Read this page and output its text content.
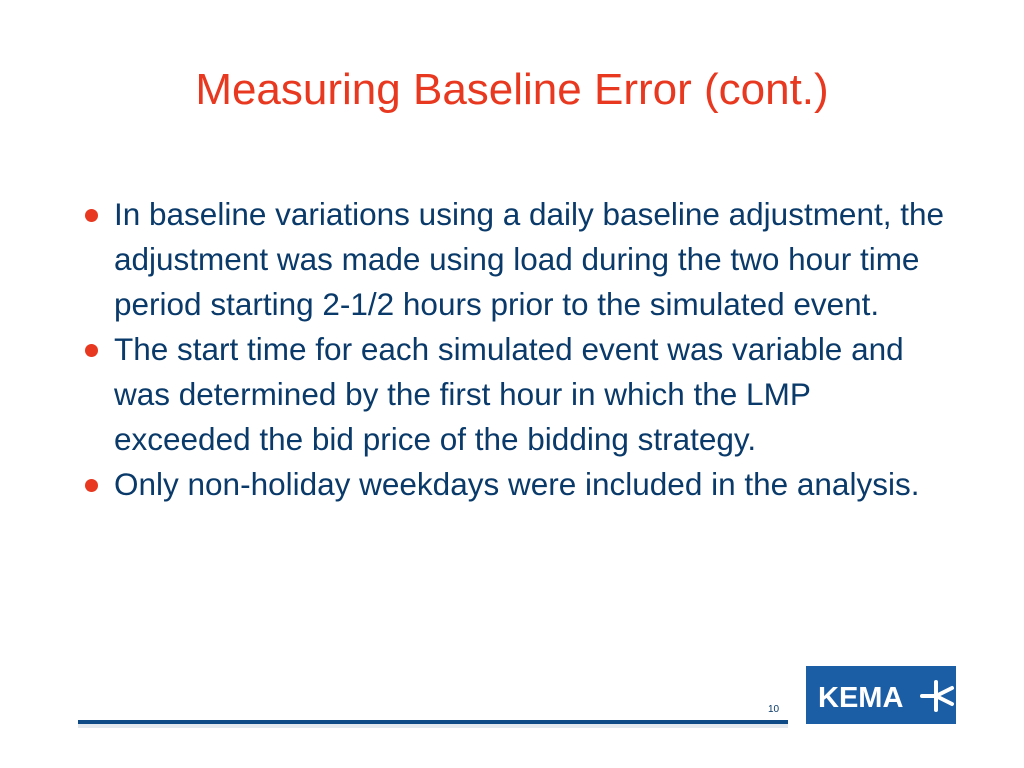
Measuring Baseline Error (cont.)
In baseline variations using a daily baseline adjustment, the adjustment was made using load during the two hour time period starting 2-1/2 hours prior to the simulated event.
The start time for each simulated event was variable and was determined by the first hour in which the LMP exceeded the bid price of the bidding strategy.
Only non-holiday weekdays were included in the analysis.
10 KEMA
